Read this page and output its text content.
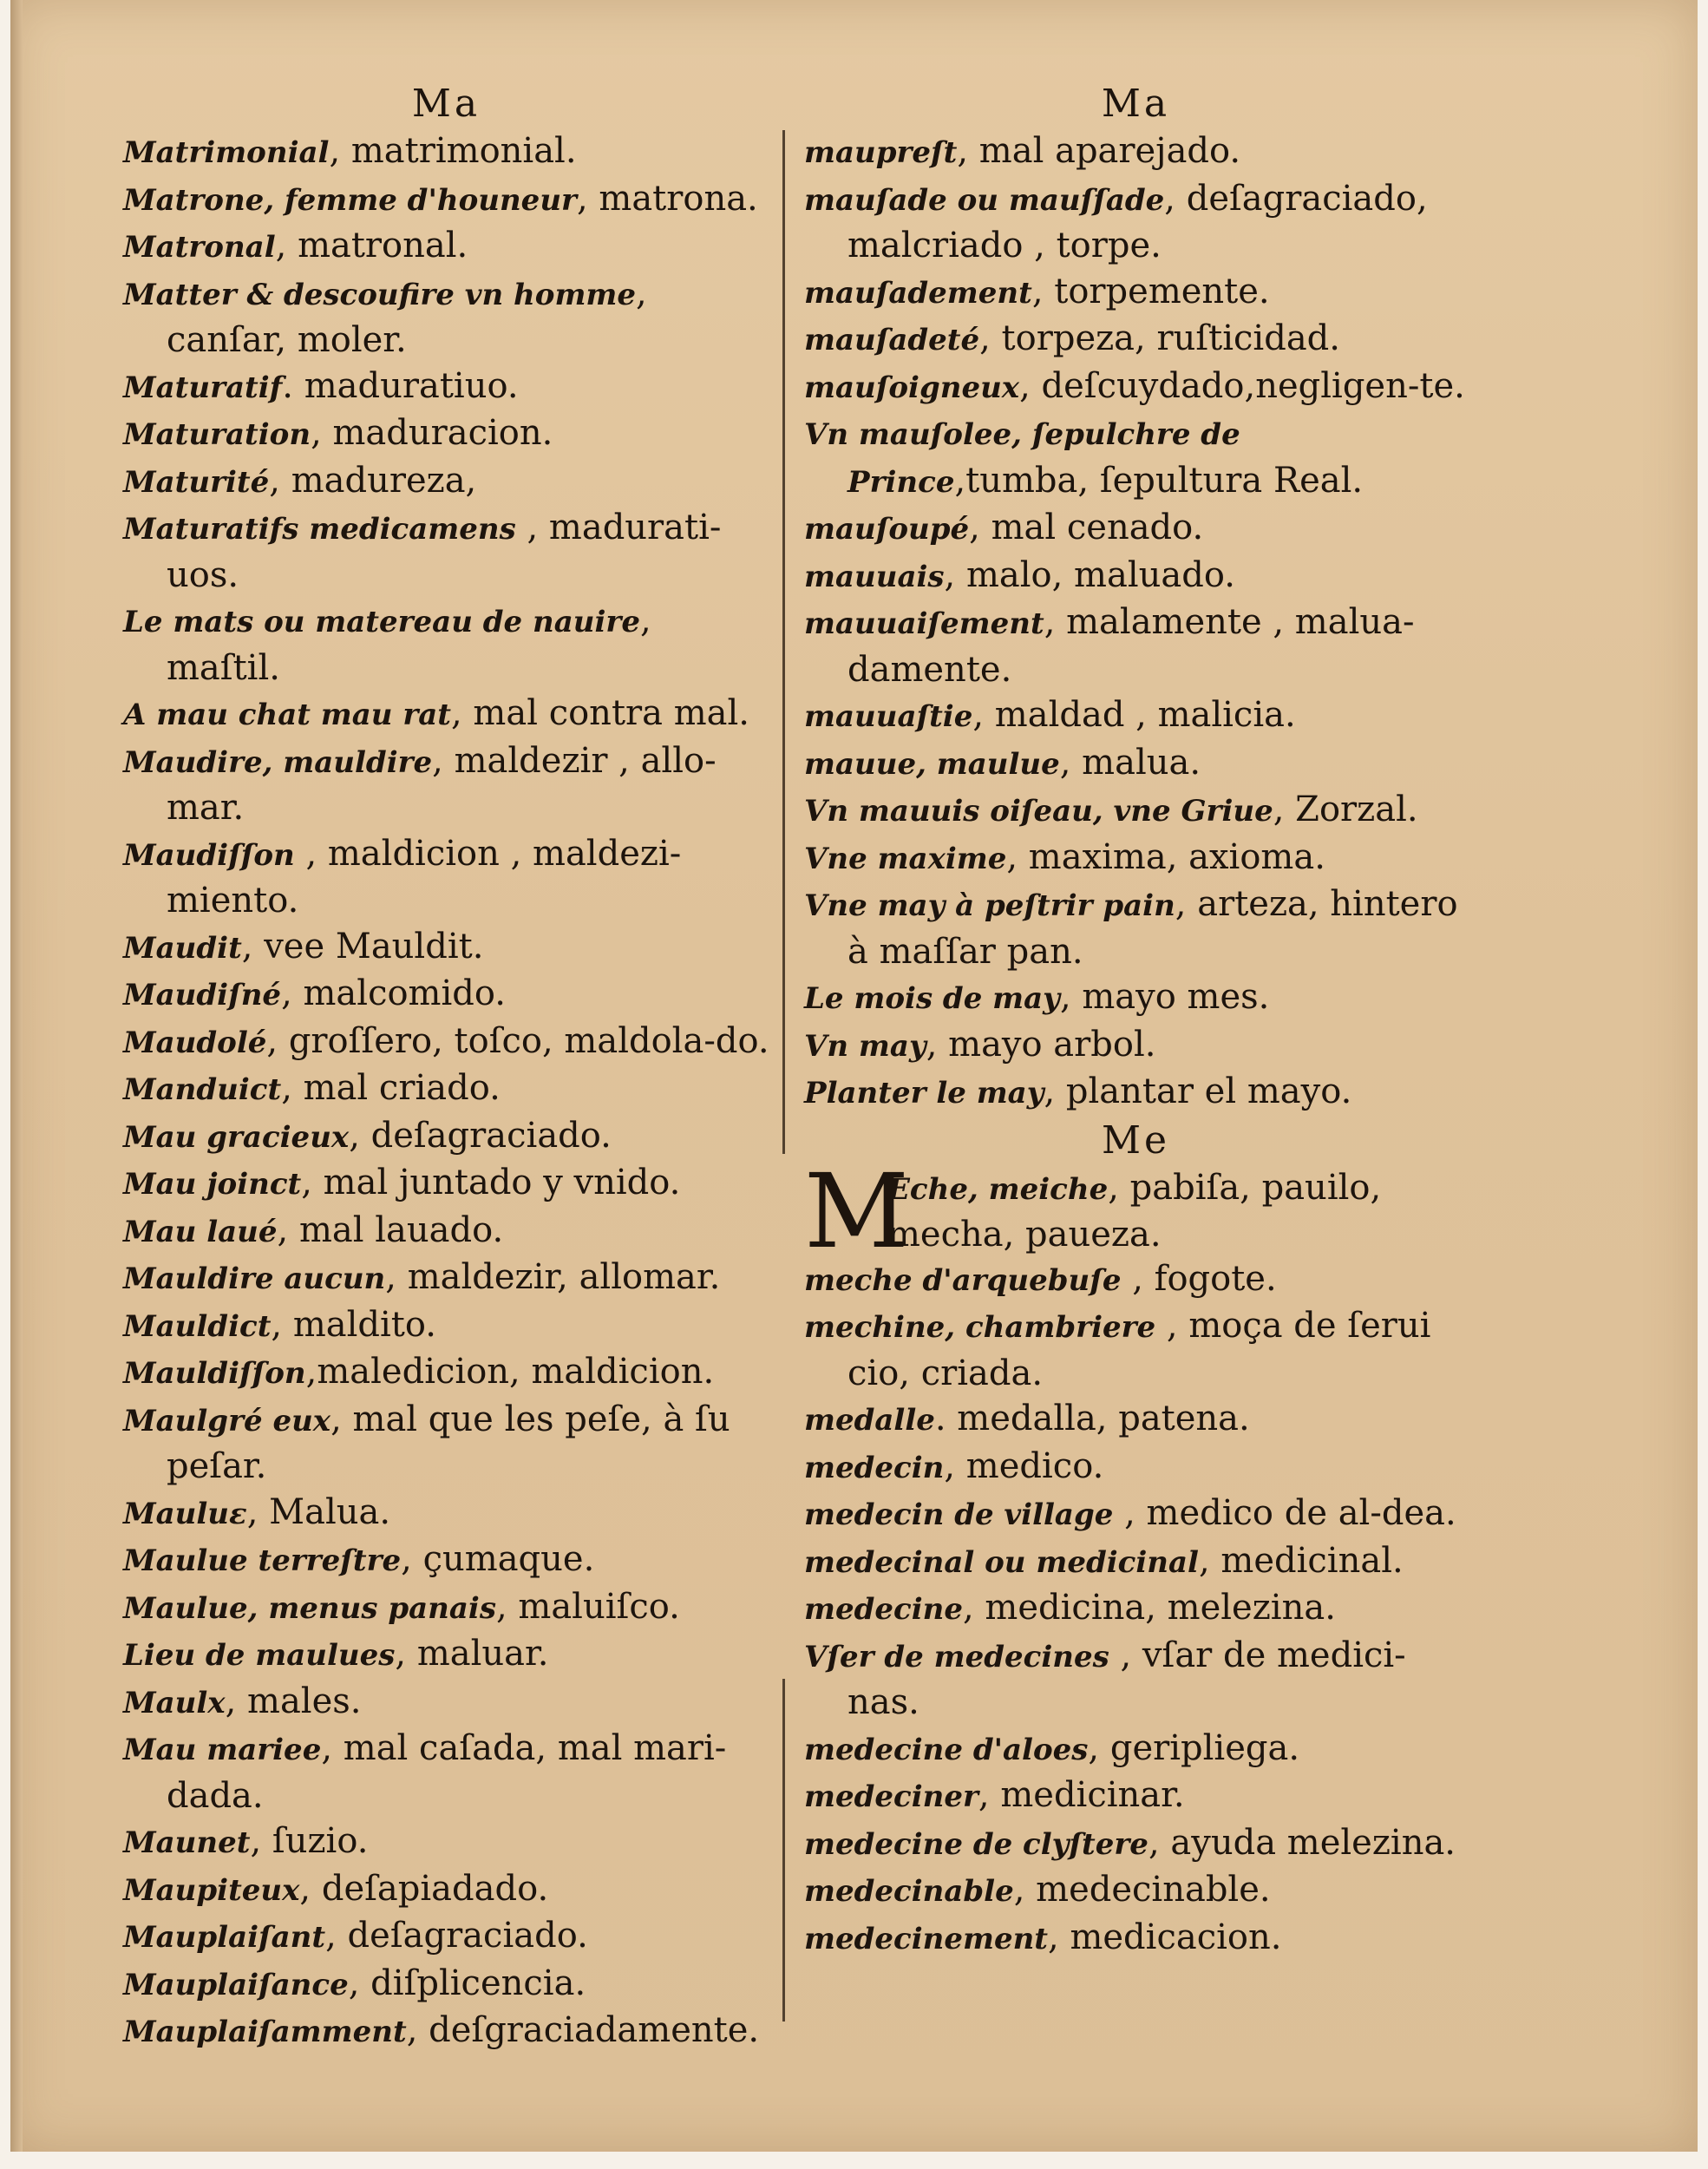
Ma
Matrimonial, matrimonial.
Matrone, femme d'houneur, matrona.
Matronal, matronal.
Matter & descoufire vn homme, canſar, moler.
Maturatif. maduratiuo.
Maturation, maduracion.
Maturité, madureza,
Maturatifs medicamens , madurati-uos.
Le mats ou matereau de nauire, maſtil.
A mau chat mau rat, mal contra mal.
Maudire, mauldire, maldezir , allo-mar.
Maudiſſon , maldicion , maldezi-miento.
Maudit, vee Mauldit.
Maudiſné, malcomido.
Maudolé, groſſero, toſco, maldola-do.
Manduict, mal criado.
Mau gracieux, deſagraciado.
Mau joinct, mal juntado y vnido.
Mau laué, mal lauado.
Mauldire aucun, maldezir, allomar.
Mauldict, maldito.
Mauldiſſon,maledicion, maldicion.
Maulgré eux, mal que les peſe, à ſu peſar.
Mauluε, Malua.
Maulue terreſtre, çumaque.
Maulue, menus panais, maluiſco.
Lieu de maulues, maluar.
Maulx, males.
Mau mariee, mal caſada, mal mari-dada.
Maunet, ſuzio.
Maupiteux, deſapiadado.
Mauplaiſant, deſagraciado.
Mauplaiſance, diſplicencia.
Mauplaiſamment, deſgraciadamente.
Ma
maupreſt, mal aparejado.
mauſade ou mauſſade, deſagraciado, malcriado , torpe.
mauſadement, torpemente.
mauſadeté, torpeza, ruſticidad.
mauſoigneux, deſcuydado,negligen-te.
Vn mauſolee, ſepulchre de Prince,tumba, ſepultura Real.
mauſoupé, mal cenado.
mauuais, malo, maluado.
mauuaiſement, malamente , malua-damente.
mauuaſtie, maldad , malicia.
mauue, maulue, malua.
Vn mauuis oiſeau, vne Griue, Zorzal.
Vne maxime, maxima, axioma.
Vne may à peſtrir pain, arteza, hintero à maſſar pan.
Le mois de may, mayo mes.
Vn may, mayo arbol.
Planter le may, plantar el mayo.
Me
M
Eche, meiche, pabiſa, pauilo, mecha, paueza.
meche d'arquebuſe , fogote.
mechine, chambriere , moça de ſerui cio, criada.
medalle. medalla, patena.
medecin, medico.
medecin de village , medico de al-dea.
medecinal ou medicinal, medicinal.
medecine, medicina, melezina.
Vſer de medecines , vſar de medici-nas.
medecine d'aloes, geripliega.
medeciner, medicinar.
medecine de clyſtere, ayuda melezina.
medecinable, medecinable.
medecinement, medicacion.
